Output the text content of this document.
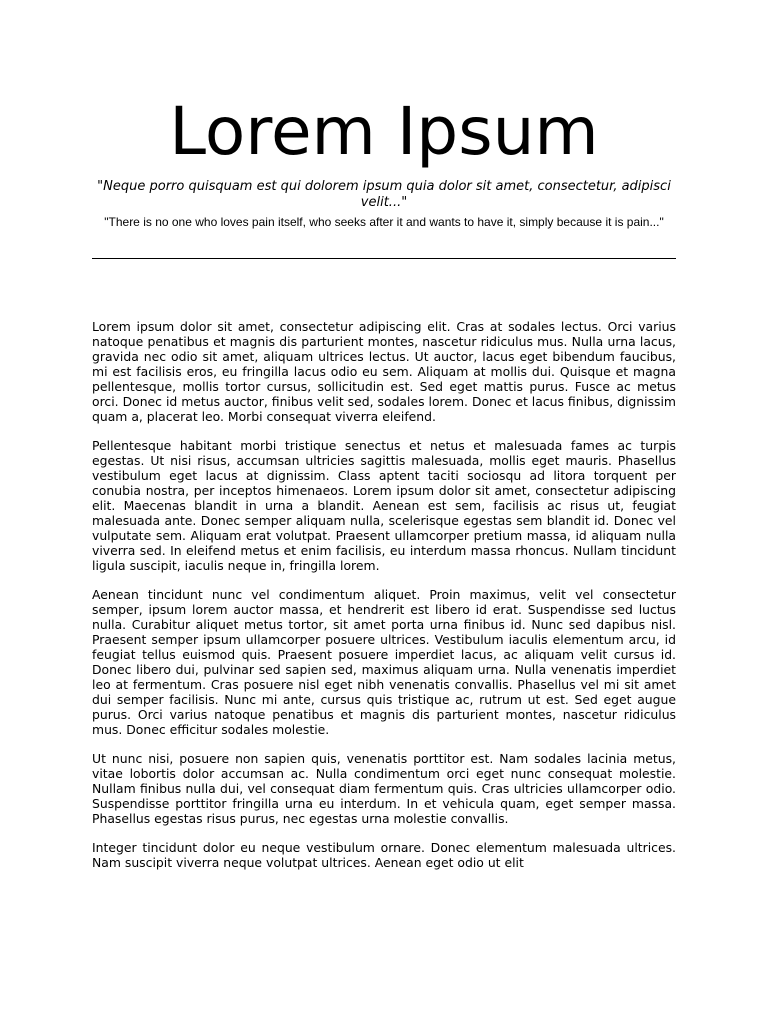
Lorem Ipsum

"Neque porro quisquam est qui dolorem ipsum quia dolor sit amet, consectetur, adipisci velit..."

"There is no one who loves pain itself, who seeks after it and wants to have it, simply because it is pain..."

Lorem ipsum dolor sit amet, consectetur adipiscing elit. Cras at sodales lectus. Orci varius natoque penatibus et magnis dis parturient montes, nascetur ridiculus mus. Nulla urna lacus, gravida nec odio sit amet, aliquam ultrices lectus. Ut auctor, lacus eget bibendum faucibus, mi est facilisis eros, eu fringilla lacus odio eu sem. Aliquam at mollis dui. Quisque et magna pellentesque, mollis tortor cursus, sollicitudin est. Sed eget mattis purus. Fusce ac metus orci. Donec id metus auctor, finibus velit sed, sodales lorem. Donec et lacus finibus, dignissim quam a, placerat leo. Morbi consequat viverra eleifend.

Pellentesque habitant morbi tristique senectus et netus et malesuada fames ac turpis egestas. Ut nisi risus, accumsan ultricies sagittis malesuada, mollis eget mauris. Phasellus vestibulum eget lacus at dignissim. Class aptent taciti sociosqu ad litora torquent per conubia nostra, per inceptos himenaeos. Lorem ipsum dolor sit amet, consectetur adipiscing elit. Maecenas blandit in urna a blandit. Aenean est sem, facilisis ac risus ut, feugiat malesuada ante. Donec semper aliquam nulla, scelerisque egestas sem blandit id. Donec vel vulputate sem. Aliquam erat volutpat. Praesent ullamcorper pretium massa, id aliquam nulla viverra sed. In eleifend metus et enim facilisis, eu interdum massa rhoncus. Nullam tincidunt ligula suscipit, iaculis neque in, fringilla lorem.

Aenean tincidunt nunc vel condimentum aliquet. Proin maximus, velit vel consectetur semper, ipsum lorem auctor massa, et hendrerit est libero id erat. Suspendisse sed luctus nulla. Curabitur aliquet metus tortor, sit amet porta urna finibus id. Nunc sed dapibus nisl. Praesent semper ipsum ullamcorper posuere ultrices. Vestibulum iaculis elementum arcu, id feugiat tellus euismod quis. Praesent posuere imperdiet lacus, ac aliquam velit cursus id. Donec libero dui, pulvinar sed sapien sed, maximus aliquam urna. Nulla venenatis imperdiet leo at fermentum. Cras posuere nisl eget nibh venenatis convallis. Phasellus vel mi sit amet dui semper facilisis. Nunc mi ante, cursus quis tristique ac, rutrum ut est. Sed eget augue purus. Orci varius natoque penatibus et magnis dis parturient montes, nascetur ridiculus mus. Donec efficitur sodales molestie.

Ut nunc nisi, posuere non sapien quis, venenatis porttitor est. Nam sodales lacinia metus, vitae lobortis dolor accumsan ac. Nulla condimentum orci eget nunc consequat molestie. Nullam finibus nulla dui, vel consequat diam fermentum quis. Cras ultricies ullamcorper odio. Suspendisse porttitor fringilla urna eu interdum. In et vehicula quam, eget semper massa. Phasellus egestas risus purus, nec egestas urna molestie convallis.

Integer tincidunt dolor eu neque vestibulum ornare. Donec elementum malesuada ultrices. Nam suscipit viverra neque volutpat ultrices. Aenean eget odio ut elit
